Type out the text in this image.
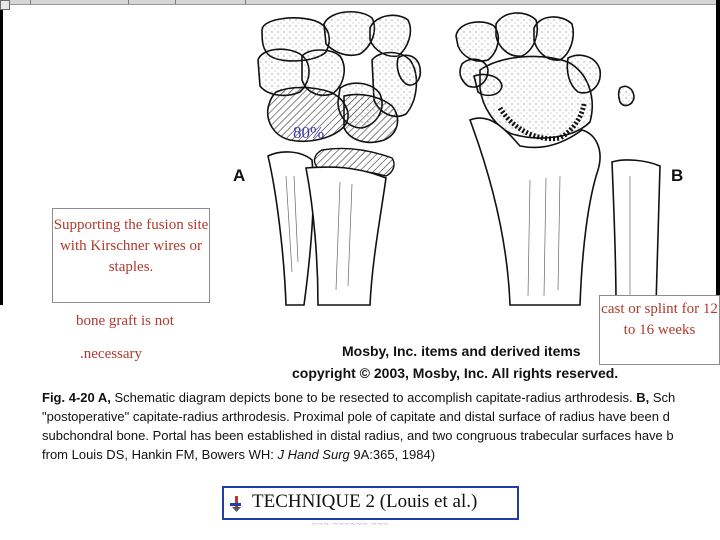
A	B
80%
Supporting the fusion site with Kirschner wires or staples.
bone graft is not
.necessary
cast or splint for 12 to 16 weeks
Mosby, Inc. items and derived items
copyright © 2003, Mosby, Inc. All rights reserved.
Fig. 4-20 A, Schematic diagram depicts bone to be resected to accomplish capitate-radius arthrodesis. B, Sch
"postoperative" capitate-radius arthrodesis. Proximal pole of capitate and distal surface of radius have been d
subchondral bone. Portal has been established in distal radius, and two congruous trabecular surfaces have b
from Louis DS, Hankin FM, Bowers WH: J Hand Surg 9A:365, 1984)
TECHNIQUE 2 (Louis et al.)
~~~ ~~~~~~ ~~~
